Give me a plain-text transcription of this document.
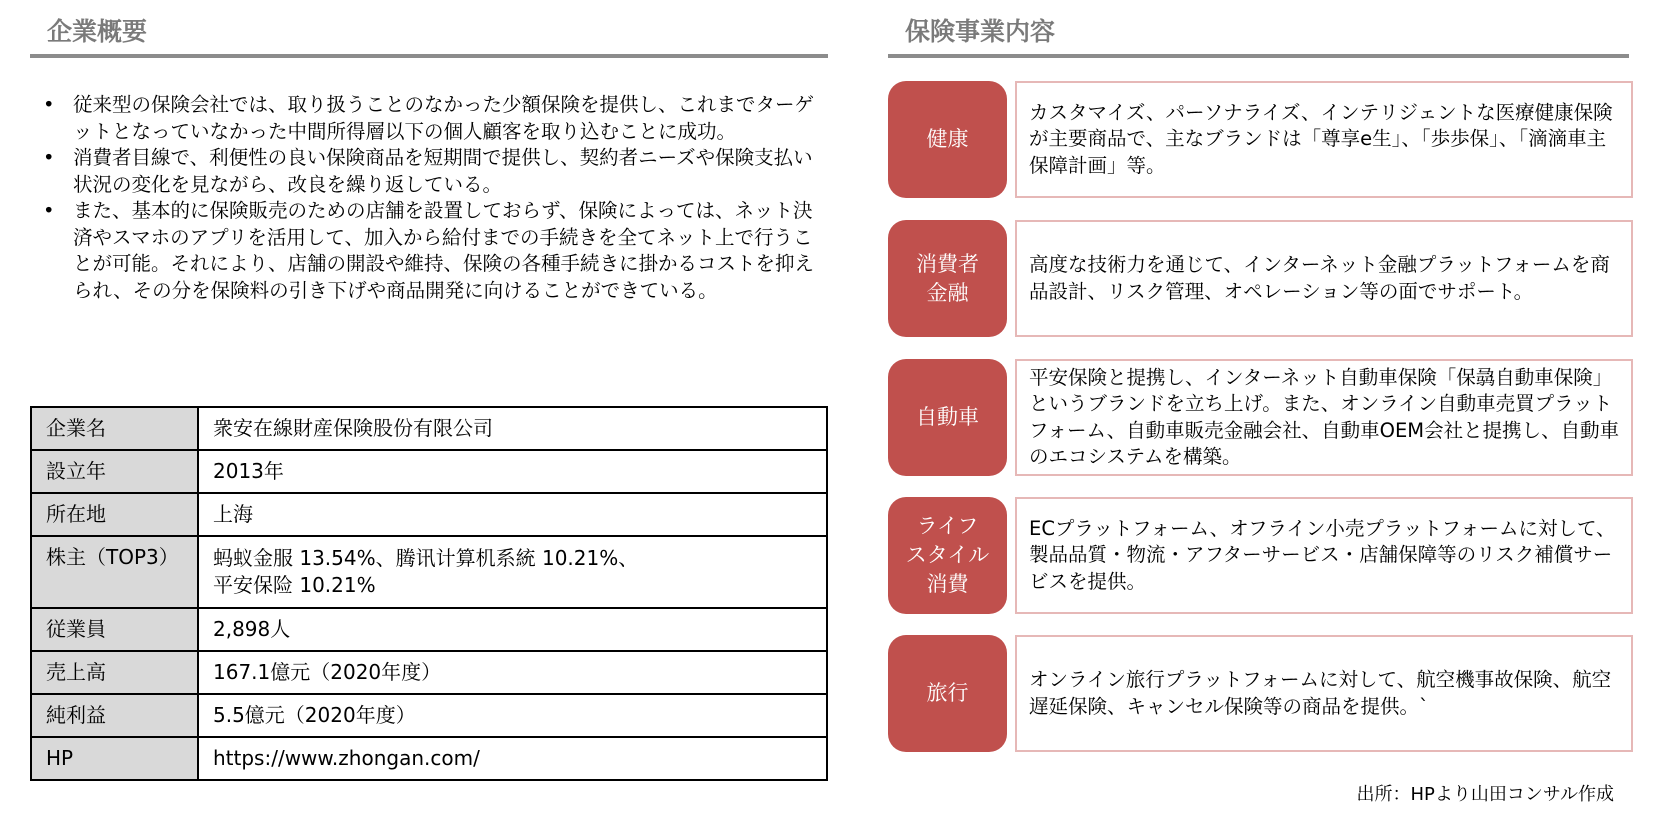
企業概要
• 従来型の保険会社では、取り扱うことのなかった少額保険を提供し、これまでターゲットとなっていなかった中間所得層以下の個人顧客を取り込むことに成功。
• 消費者目線で、利便性の良い保険商品を短期間で提供し、契約者ニーズや保険支払い状況の変化を見ながら、改良を繰り返している。
• また、基本的に保険販売のための店舗を設置しておらず、保険によっては、ネット決済やスマホのアプリを活用して、加入から給付までの手続きを全てネット上で行うことが可能。それにより、店舗の開設や維持、保険の各種手続きに掛かるコストを抑えられ、その分を保険料の引き下げや商品開発に向けることができている。
企業名	衆安在線財産保険股份有限公司
設立年	2013年
所在地	上海
株主（TOP3）	蚂蚁金服 13.54%、腾讯计算机系統 10.21%、
平安保险 10.21%
従業員	2,898人
売上高	167.1億元（2020年度）
純利益	5.5億元（2020年度）
HP	https://www.zhongan.com/
保険事業内容
健康
カスタマイズ、パーソナライズ、インテリジェントな医療健康保険が主要商品で、主なブランドは「尊享e生」、「歩歩保」、「滴滴車主保障計画」等。
消費者
金融
高度な技術力を通じて、インターネット金融プラットフォームを商品設計、リスク管理、オペレーション等の面でサポート。
自動車
平安保険と提携し、インターネット自動車保険「保骉自動車保険」というブランドを立ち上げ。また、オンライン自動車売買プラットフォーム、自動車販売金融会社、自動車OEM会社と提携し、自動車のエコシステムを構築。
ライフ
スタイル
消費
ECプラットフォーム、オフライン小売プラットフォームに対して、製品品質・物流・アフターサービス・店舗保障等のリスク補償サービスを提供。
旅行
オンライン旅行プラットフォームに対して、航空機事故保険、航空遅延保険、キャンセル保険等の商品を提供。`
出所：HPより山田コンサル作成
